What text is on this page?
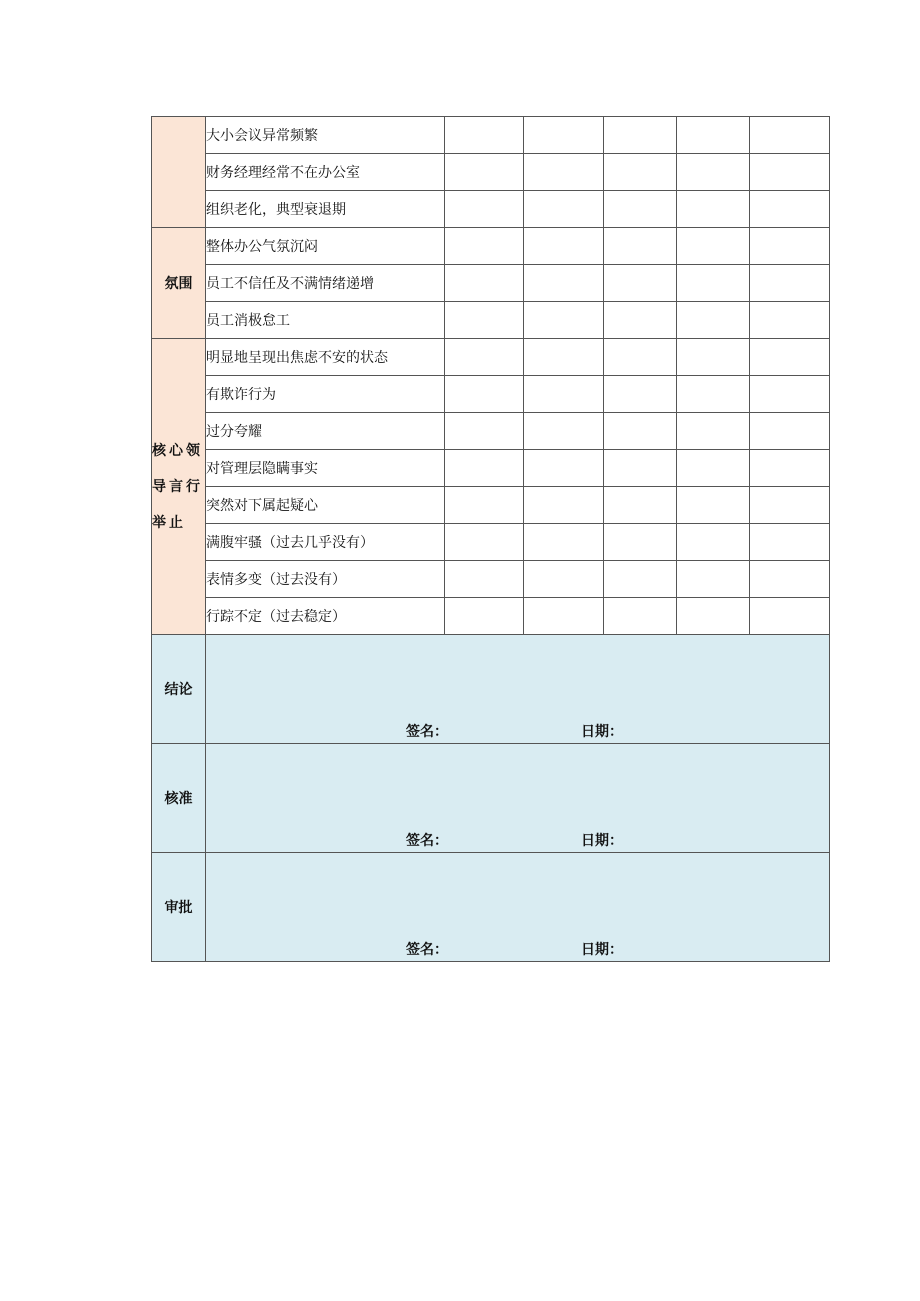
	大小会议异常频繁					
	财务经理经常不在办公室					
	组织老化，典型衰退期					
氛围	整体办公气氛沉闷					
	员工不信任及不满情绪递增					
	员工消极怠工					
核心领导言行举止	明显地呈现出焦虑不安的状态					
	有欺诈行为					
	过分夸耀					
	对管理层隐瞒事实					
	突然对下属起疑心					
	满腹牢骚（过去几乎没有）					
	表情多变（过去没有）					
	行踪不定（过去稳定）					
结论	签名： 日期：					

核准	签名： 日期：					

审批	签名： 日期：					
